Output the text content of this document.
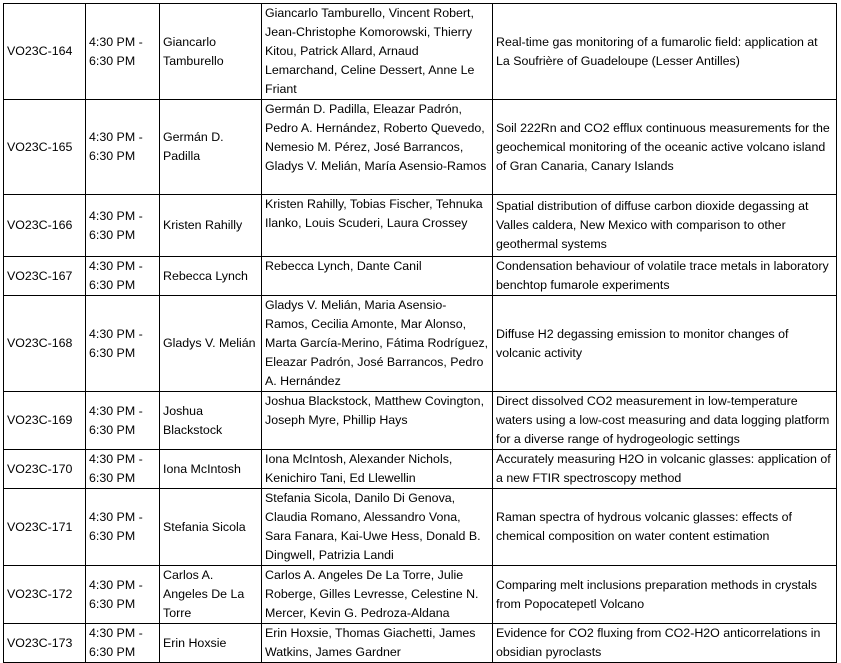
VO23C-164	4:30 PM - 6:30 PM	Giancarlo Tamburello	Giancarlo Tamburello, Vincent Robert, Jean-Christophe Komorowski, Thierry Kitou, Patrick Allard, Arnaud Lemarchand, Celine Dessert, Anne Le Friant	Real-time gas monitoring of a fumarolic field: application at La Soufrière of Guadeloupe (Lesser Antilles)
VO23C-165	4:30 PM - 6:30 PM	Germán D. Padilla	Germán D. Padilla, Eleazar Padrón, Pedro A. Hernández, Roberto Quevedo, Nemesio M. Pérez, José Barrancos, Gladys V. Melián, María Asensio-Ramos	Soil 222Rn and CO2 efflux continuous measurements for the geochemical monitoring of the oceanic active volcano island of Gran Canaria, Canary Islands
VO23C-166	4:30 PM - 6:30 PM	Kristen Rahilly	Kristen Rahilly, Tobias Fischer, Tehnuka Ilanko, Louis Scuderi, Laura Crossey	Spatial distribution of diffuse carbon dioxide degassing at Valles caldera, New Mexico with comparison to other geothermal systems
VO23C-167	4:30 PM - 6:30 PM	Rebecca Lynch	Rebecca Lynch, Dante Canil	Condensation behaviour of volatile trace metals in laboratory benchtop fumarole experiments
VO23C-168	4:30 PM - 6:30 PM	Gladys V. Melián	Gladys V. Melián, Maria Asensio-Ramos, Cecilia Amonte, Mar Alonso, Marta García-Merino, Fátima Rodríguez, Eleazar Padrón, José Barrancos, Pedro A. Hernández	Diffuse H2 degassing emission to monitor changes of volcanic activity
VO23C-169	4:30 PM - 6:30 PM	Joshua Blackstock	Joshua Blackstock, Matthew Covington, Joseph Myre, Phillip Hays	Direct dissolved CO2 measurement in low-temperature waters using a low-cost measuring and data logging platform for a diverse range of hydrogeologic settings
VO23C-170	4:30 PM - 6:30 PM	Iona McIntosh	Iona McIntosh, Alexander Nichols, Kenichiro Tani, Ed Llewellin	Accurately measuring H2O in volcanic glasses: application of a new FTIR spectroscopy method
VO23C-171	4:30 PM - 6:30 PM	Stefania Sicola	Stefania Sicola, Danilo Di Genova, Claudia Romano, Alessandro Vona, Sara Fanara, Kai-Uwe Hess, Donald B. Dingwell, Patrizia Landi	Raman spectra of hydrous volcanic glasses: effects of chemical composition on water content estimation
VO23C-172	4:30 PM - 6:30 PM	Carlos A. Angeles De La Torre	Carlos A. Angeles De La Torre, Julie Roberge, Gilles Levresse, Celestine N. Mercer, Kevin G. Pedroza-Aldana	Comparing melt inclusions preparation methods in crystals from Popocatepetl Volcano
VO23C-173	4:30 PM - 6:30 PM	Erin Hoxsie	Erin Hoxsie, Thomas Giachetti, James Watkins, James Gardner	Evidence for CO2 fluxing from CO2-H2O anticorrelations in obsidian pyroclasts
